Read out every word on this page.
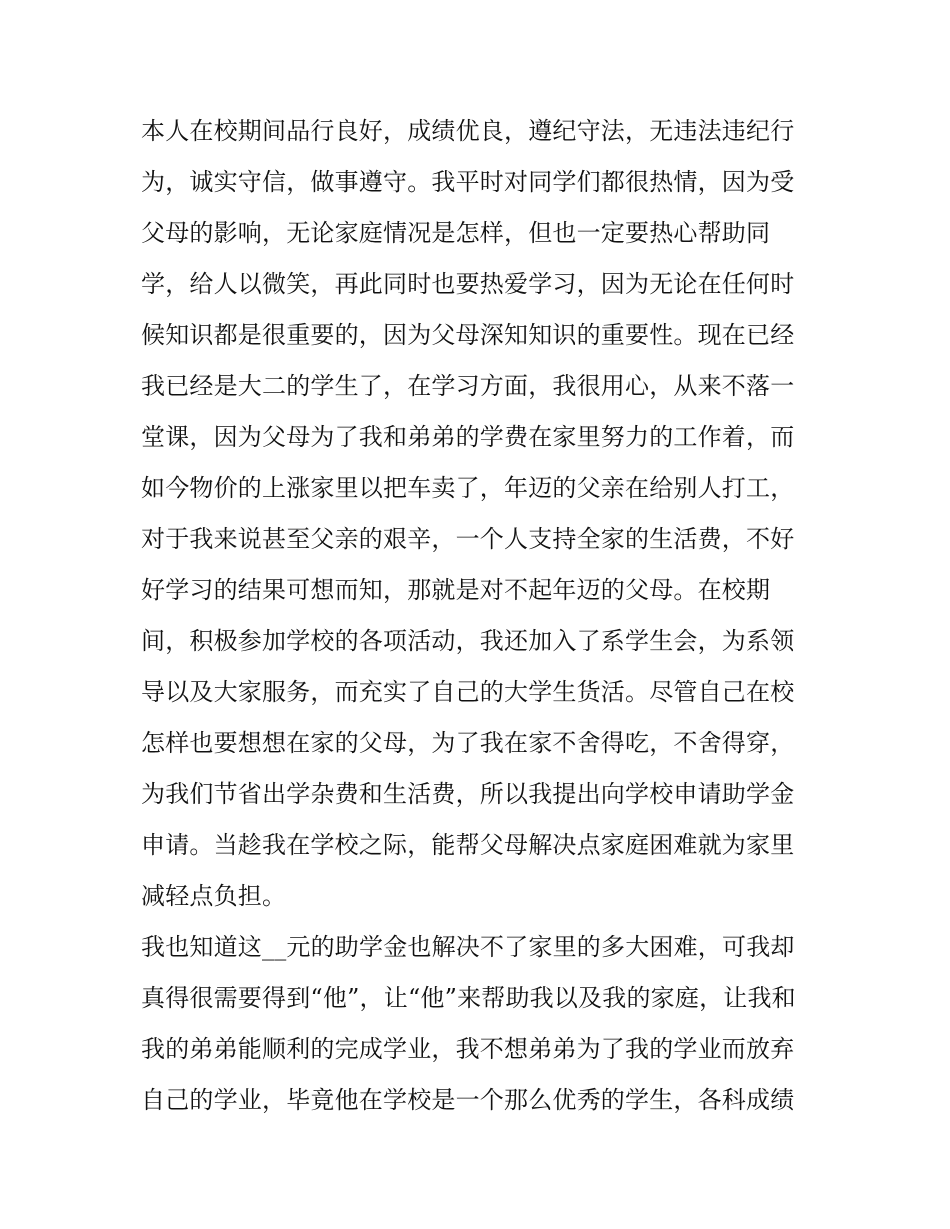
本人在校期间品行良好，成绩优良，遵纪守法，无违法违纪行
为，诚实守信，做事遵守。我平时对同学们都很热情，因为受
父母的影响，无论家庭情况是怎样，但也一定要热心帮助同
学，给人以微笑，再此同时也要热爱学习，因为无论在任何时
候知识都是很重要的，因为父母深知知识的重要性。现在已经
我已经是大二的学生了，在学习方面，我很用心，从来不落一
堂课，因为父母为了我和弟弟的学费在家里努力的工作着，而
如今物价的上涨家里以把车卖了，年迈的父亲在给别人打工，
对于我来说甚至父亲的艰辛，一个人支持全家的生活费，不好
好学习的结果可想而知，那就是对不起年迈的父母。在校期
间，积极参加学校的各项活动，我还加入了系学生会，为系领
导以及大家服务，而充实了自己的大学生货活。尽管自己在校
怎样也要想想在家的父母，为了我在家不舍得吃，不舍得穿，
为我们节省出学杂费和生活费，所以我提出向学校申请助学金
申请。当趁我在学校之际，能帮父母解决点家庭困难就为家里
减轻点负担。
我也知道这__元的助学金也解决不了家里的多大困难，可我却
真得很需要得到“他”，让“他”来帮助我以及我的家庭，让我和
我的弟弟能顺利的完成学业，我不想弟弟为了我的学业而放弃
自己的学业，毕竟他在学校是一个那么优秀的学生，各科成绩
